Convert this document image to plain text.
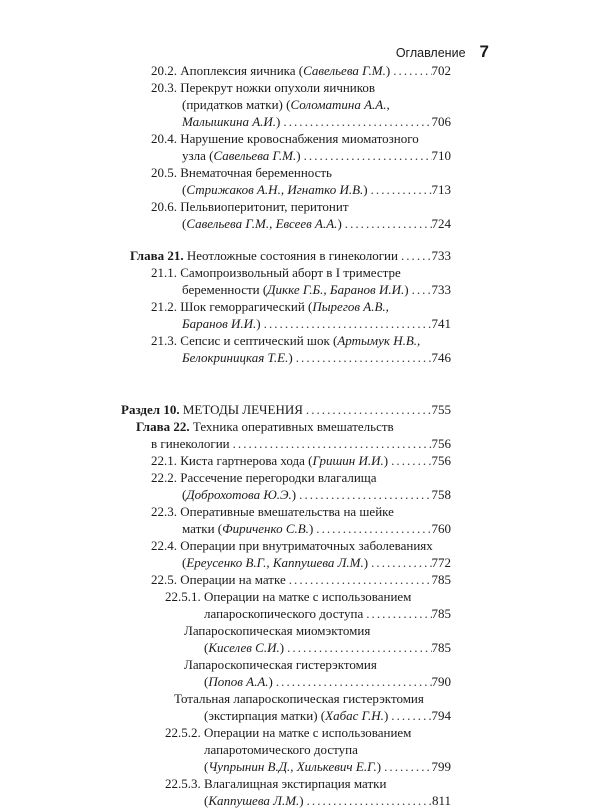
Оглавление 7
20.2. Апоплексия яичника (Савельева Г.М.) . . .	702
20.3. Перекрут ножки опухоли яичников
(придатков матки) (Соломатина А.А.,
Малышкина А.И.) . . .	706
20.4. Нарушение кровоснабжения миоматозного
узла (Савельева Г.М.) . . .	710
20.5. Внематочная беременность
(Стрижаков А.Н., Игнатко И.В.) . . .	713
20.6. Пельвиоперитонит, перитонит
(Савельева Г.М., Евсеев А.А.) . . .	724
Глава 21. Неотложные состояния в гинекологии . . .	733
21.1. Самопроизвольный аборт в I триместре
беременности (Дикке Г.Б., Баранов И.И.) . . . 733
21.2. Шок геморрагический (Пырегов А.В.,
Баранов И.И.) . . .	741
21.3. Сепсис и септический шок (Артымук Н.В.,
Белокриницкая Т.Е.) . . .	746
Раздел 10. МЕТОДЫ ЛЕЧЕНИЯ . . .	755
Глава 22. Техника оперативных вмешательств
в гинекологии . . .	756
22.1. Киста гартнерова хода (Гришин И.И.) . . .	756
22.2. Рассечение перегородки влагалища
(Доброхотова Ю.Э.) . . .	758
22.3. Оперативные вмешательства на шейке
матки (Фириченко С.В.) . . .	760
22.4. Операции при внутриматочных заболеваниях
(Ереусенко В.Г., Каппушева Л.М.) . . .	772
22.5. Операции на матке . . .	785
22.5.1. Операции на матке с использованием
лапароскопического доступа . . .	785
Лапароскопическая миомэктомия
(Киселев С.И.) . . .	785
Лапароскопическая гистерэктомия
(Попов А.А.) . . .	790
Тотальная лапароскопическая гистерэктомия
(экстирпация матки) (Хабас Г.Н.) . . .	794
22.5.2. Операции на матке с использованием
лапаротомического доступа
(Чупрынин В.Д., Хилькевич Е.Г.) . . .	799
22.5.3. Влагалищная экстирпация матки
(Каппушева Л.М.) . . .	811
